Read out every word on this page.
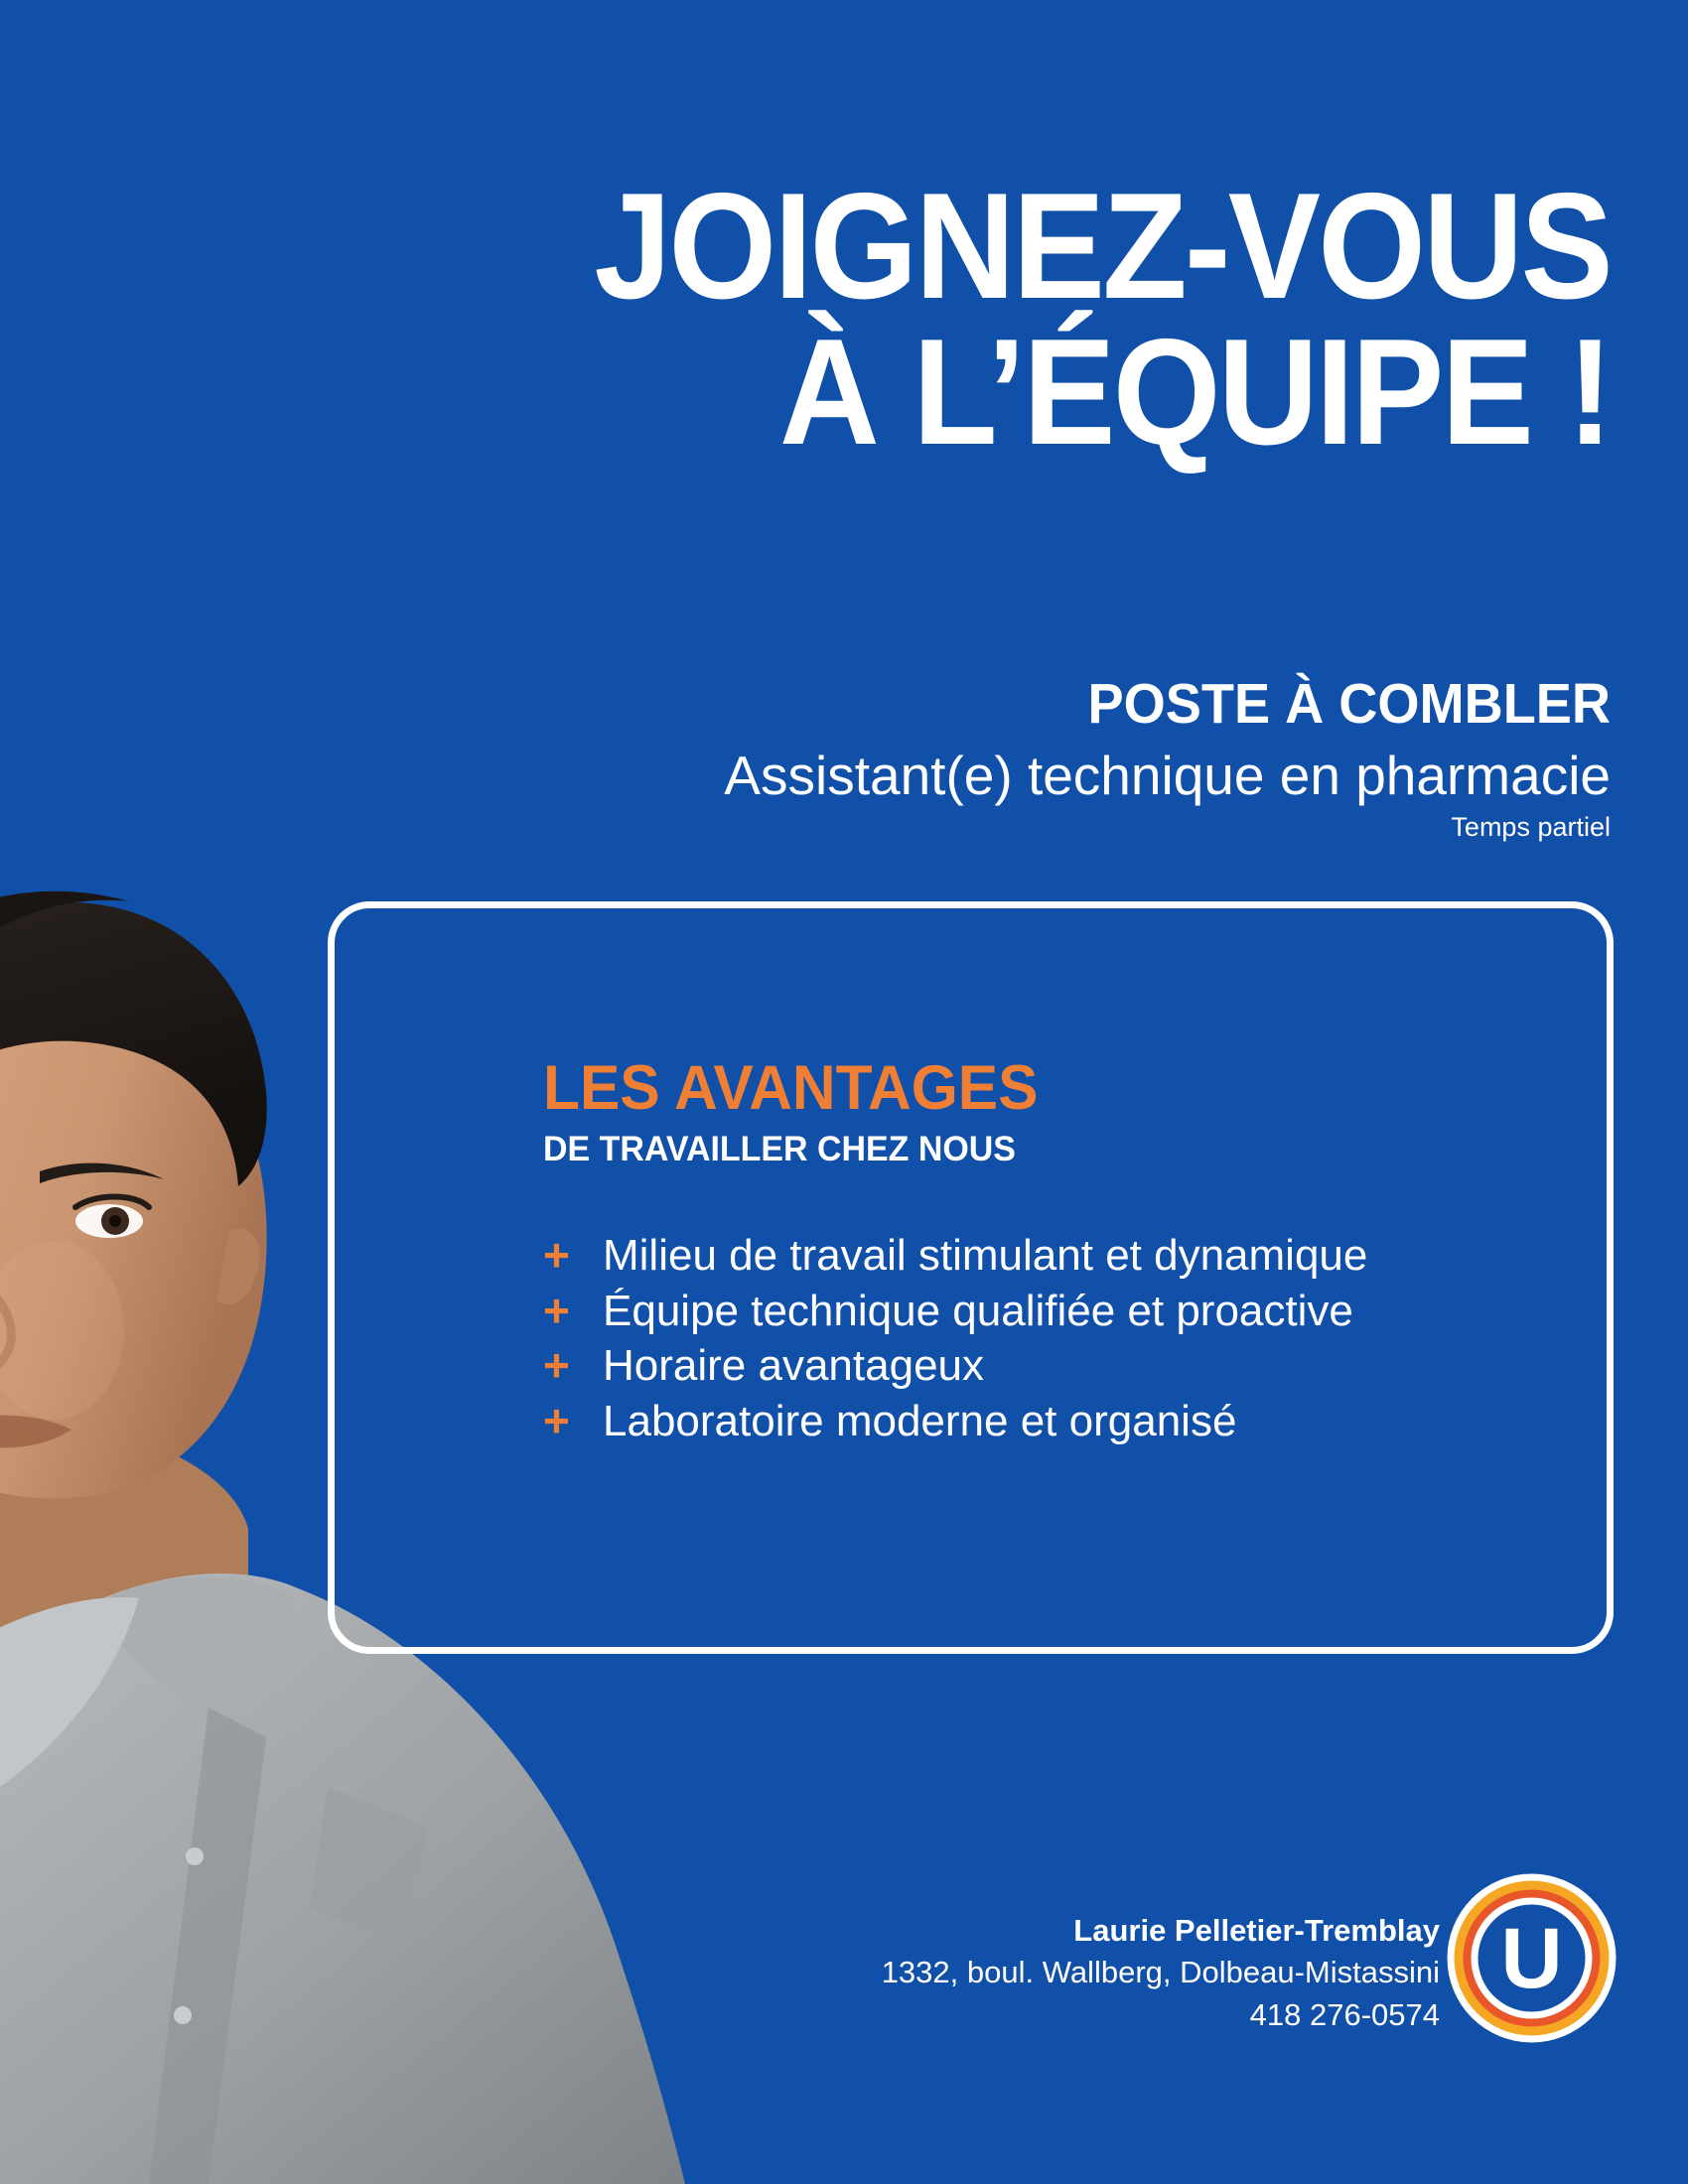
JOIGNEZ-VOUS
À L’ÉQUIPE !
POSTE À COMBLER
Assistant(e) technique en pharmacie
Temps partiel
LES AVANTAGES
DE TRAVAILLER CHEZ NOUS
+ Milieu de travail stimulant et dynamique
+ Équipe technique qualifiée et proactive
+ Horaire avantageux
+ Laboratoire moderne et organisé
Laurie Pelletier-Tremblay
1332, boul. Wallberg, Dolbeau-Mistassini
418 276-0574
U
